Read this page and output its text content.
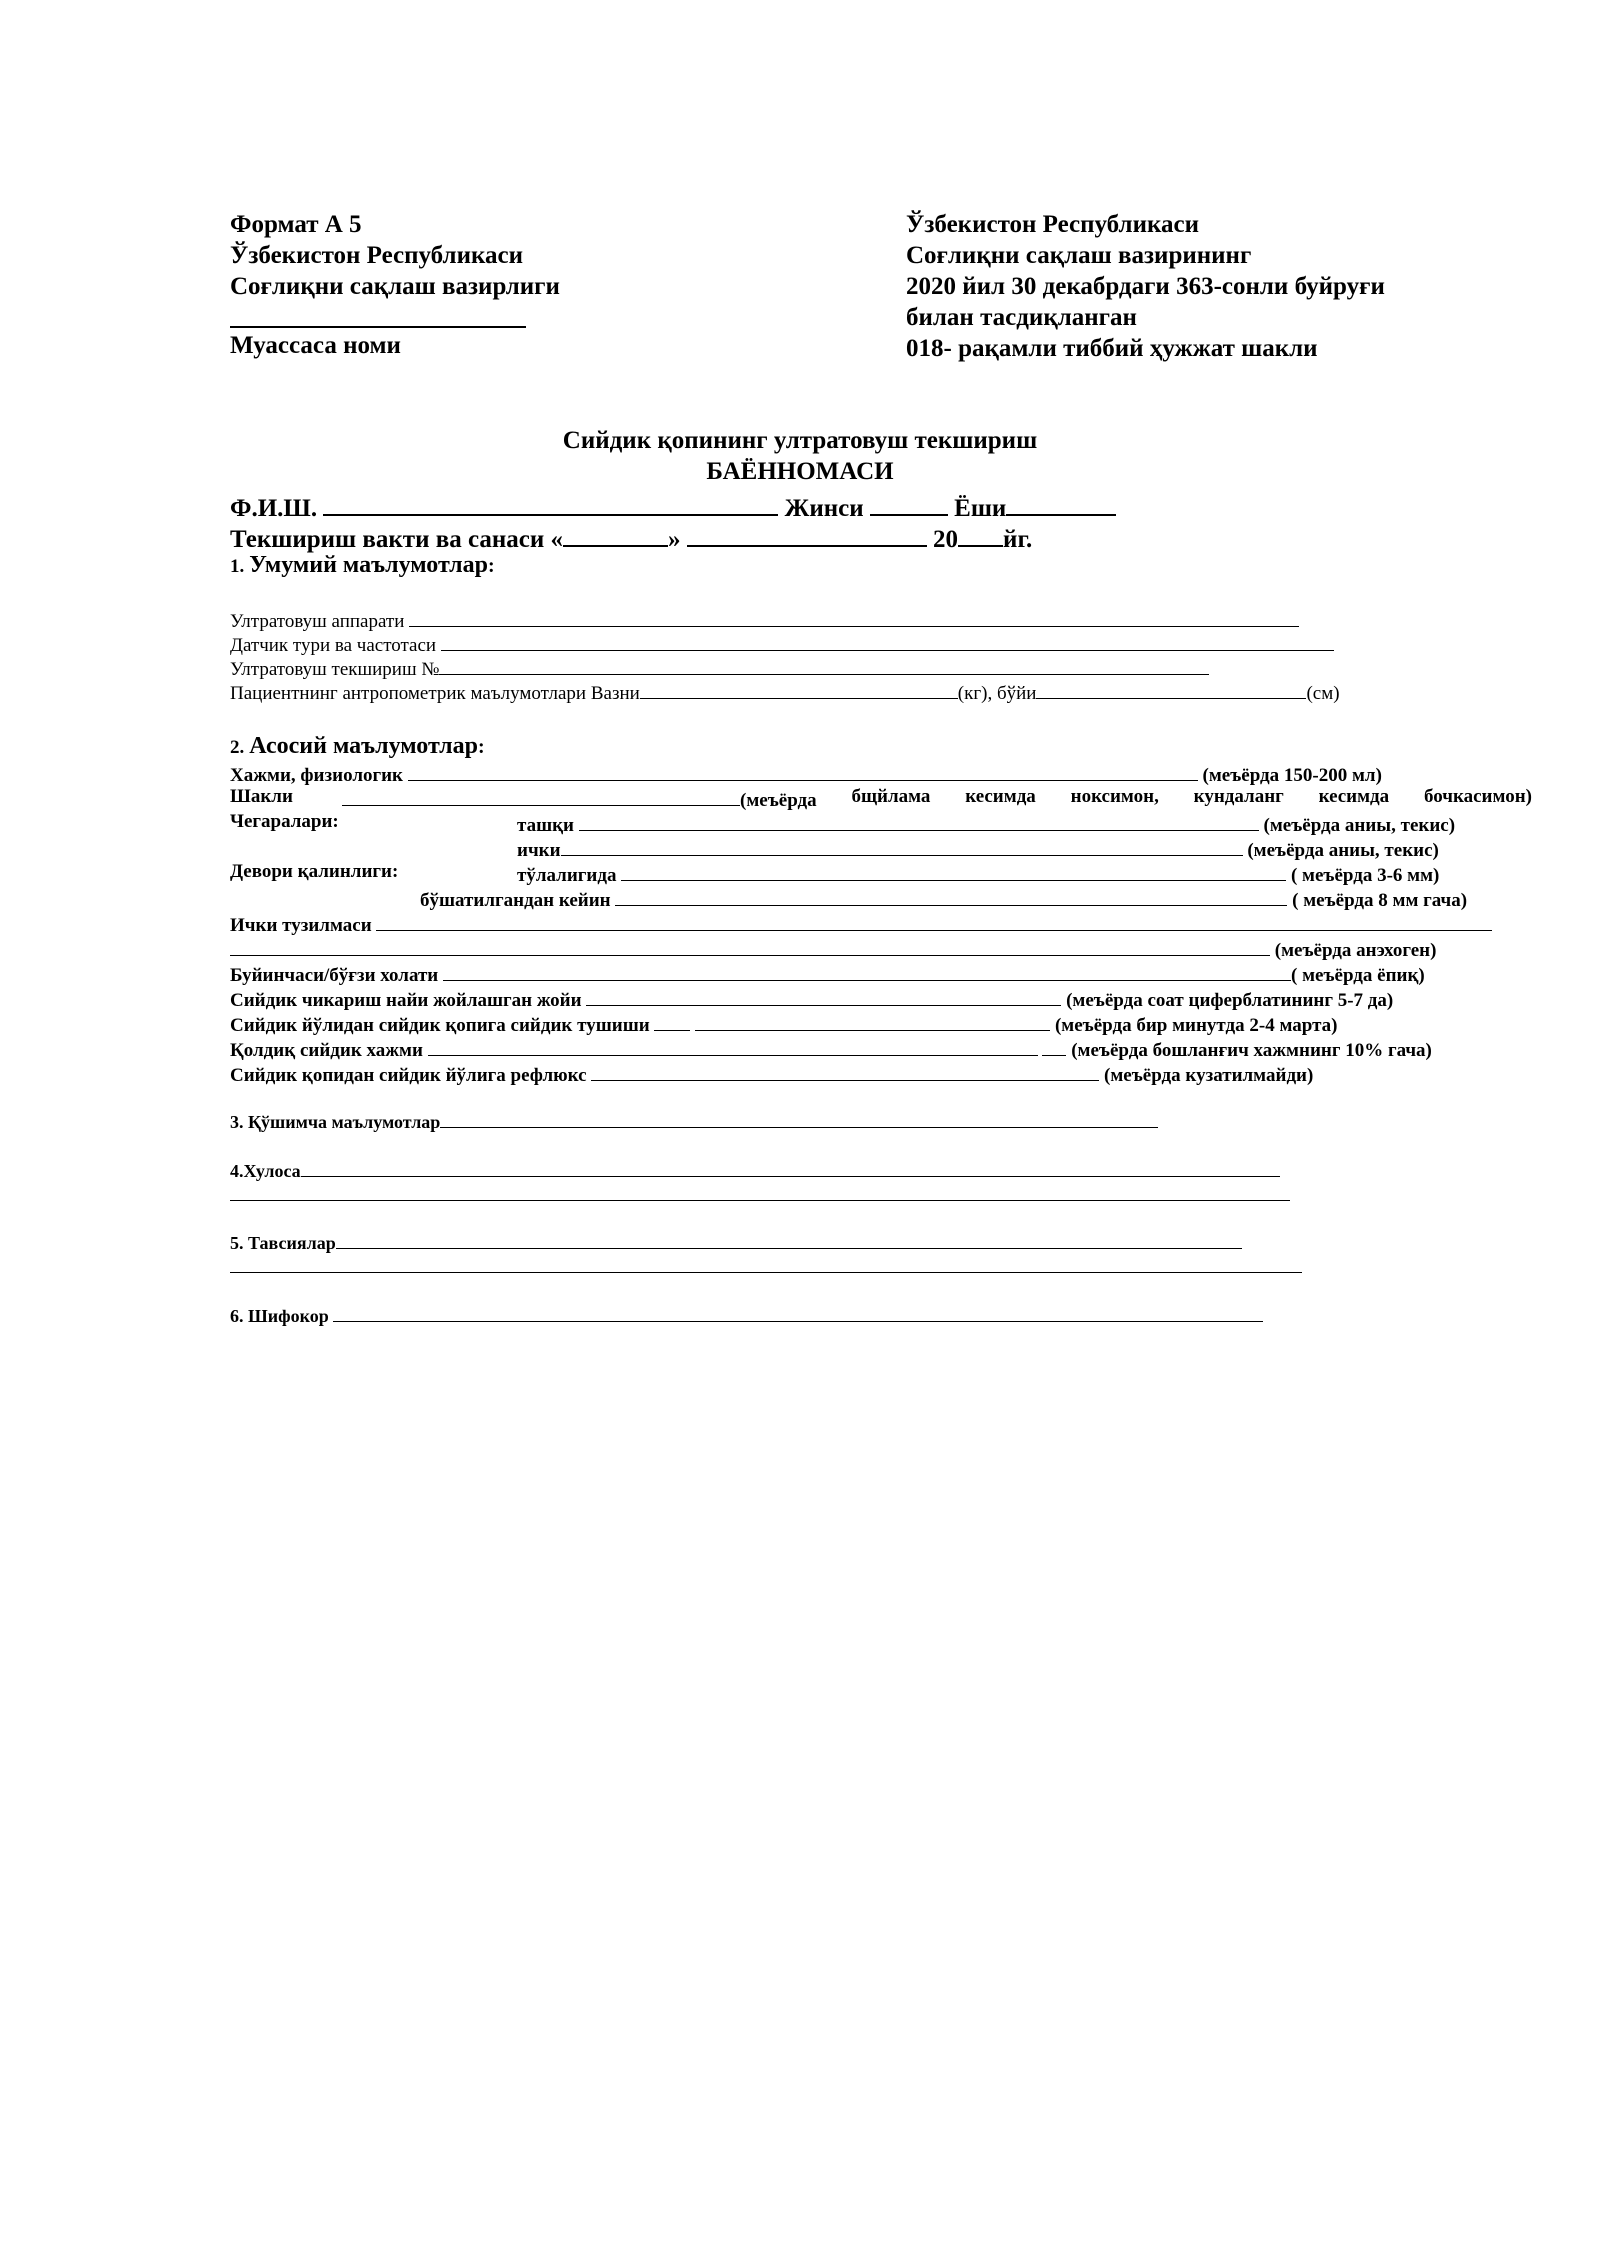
Формат А 5
Ўзбекистон Республикаси
Соғлиқни сақлаш вазирлиги
Муассаса номи
Ўзбекистон Республикаси
Соғлиқни сақлаш вазирининг
2020 йил 30 декабрдаги 363-сонли буйруғи
билан тасдиқланган
018- рақамли тиббий ҳужжат шакли
Сийдик қопининг ултратовуш текшириш
БАЁННОМАСИ
Ф.И.Ш.	Жинси	Ёши
Текшириш вакти ва санаси «	»	20 йг.
1. Умумий маълумотлар:
Ултратовуш аппарати
Датчик тури ва частотаси
Ултратовуш текшириш №
Пациентнинг антропометрик маълумотлари Вазни	(кг), бўйи	(см)
2. Асосий маълумотлар:
Хажми, физиологик	(меъёрда 150-200 мл)
Шакли	(меъёрда бщйлама кесимда ноксимон, кундаланг кесимда бочкасимон)
Чегаралари:	ташқи	(меъёрда аниы, текис)
ички	(меъёрда аниы, текис)
Девори қалинлиги:	тўлалигида	( меъёрда 3-6 мм)
бўшатилгандан кейин	( меъёрда 8 мм гача)
Ички тузилмаси
(меъёрда анэхоген)
Буйинчаси/бўғзи холати	( меъёрда ёпиқ)
Сийдик чикариш найи жойлашган жойи	(меъёрда соат циферблатининг 5-7 да)
Сийдик йўлидан сийдик қопига сийдик тушиши	(меъёрда бир минутда 2-4 марта)
Қолдиқ сийдик хажми	(меъёрда бошланғич хажмнинг 10% гача)
Сийдик қопидан сийдик йўлига рефлюкс	(меъёрда кузатилмайди)
3. Қўшимча маълумотлар
4.Хулоса
5. Тавсиялар
6. Шифокор
